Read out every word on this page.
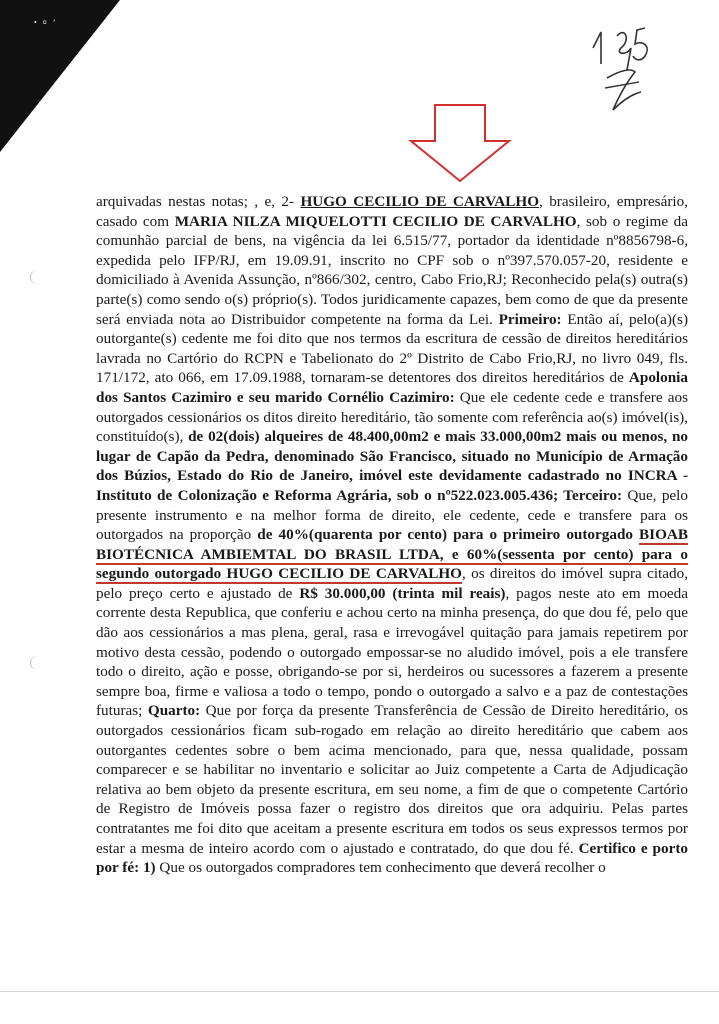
• ¤ ʼ

arquivadas nestas notas; , e, 2- HUGO CECILIO DE CARVALHO, brasileiro, empresário, casado com MARIA NILZA MIQUELOTTI CECILIO DE CARVALHO, sob o regime da comunhão parcial de bens, na vigência da lei 6.515/77, portador da identidade nº8856798-6, expedida pelo IFP/RJ, em 19.09.91, inscrito no CPF sob o nº397.570.057-20, residente e domiciliado à Avenida Assunção, nº866/302, centro, Cabo Frio,RJ; Reconhecido pela(s) outra(s) parte(s) como sendo o(s) próprio(s). Todos juridicamente capazes, bem como de que da presente será enviada nota ao Distribuidor competente na forma da Lei. Primeiro: Então aí, pelo(a)(s) outorgante(s) cedente me foi dito que nos termos da escritura de cessão de direitos hereditários lavrada no Cartório do RCPN e Tabelionato do 2º Distrito de Cabo Frio,RJ, no livro 049, fls. 171/172, ato 066, em 17.09.1988, tornaram-se detentores dos direitos hereditários de Apolonia dos Santos Cazimiro e seu marido Cornélio Cazimiro: Que ele cedente cede e transfere aos outorgados cessionários os ditos direito hereditário, tão somente com referência ao(s) imóvel(is), constituído(s), de 02(dois) alqueires de 48.400,00m2 e mais 33.000,00m2 mais ou menos, no lugar de Capão da Pedra, denominado São Francisco, situado no Município de Armação dos Búzios, Estado do Rio de Janeiro, imóvel este devidamente cadastrado no INCRA - Instituto de Colonização e Reforma Agrária, sob o nº522.023.005.436; Terceiro: Que, pelo presente instrumento e na melhor forma de direito, ele cedente, cede e transfere para os outorgados na proporção de 40%(quarenta por cento) para o primeiro outorgado BIOAB BIOTÉCNICA AMBIEMTAL DO BRASIL LTDA, e 60%(sessenta por cento) para o segundo outorgado HUGO CECILIO DE CARVALHO, os direitos do imóvel supra citado, pelo preço certo e ajustado de R$ 30.000,00 (trinta mil reais), pagos neste ato em moeda corrente desta Republica, que conferiu e achou certo na minha presença, do que dou fé, pelo que dão aos cessionários a mas plena, geral, rasa e irrevogável quitação para jamais repetirem por motivo desta cessão, podendo o outorgado empossar-se no aludido imóvel, pois a ele transfere todo o direito, ação e posse, obrigando-se por si, herdeiros ou sucessores a fazerem a presente sempre boa, firme e valiosa a todo o tempo, pondo o outorgado a salvo e a paz de contestações futuras; Quarto: Que por força da presente Transferência de Cessão de Direito hereditário, os outorgados cessionários ficam sub-rogado em relação ao direito hereditário que cabem aos outorgantes cedentes sobre o bem acima mencionado, para que, nessa qualidade, possam comparecer e se habilitar no inventario e solicitar ao Juiz competente a Carta de Adjudicação relativa ao bem objeto da presente escritura, em seu nome, a fim de que o competente Cartório de Registro de Imóveis possa fazer o registro dos direitos que ora adquiriu. Pelas partes contratantes me foi dito que aceitam a presente escritura em todos os seus expressos termos por estar a mesma de inteiro acordo com o ajustado e contratado, do que dou fé. Certifico e porto por fé: 1) Que os outorgados compradores tem conhecimento que deverá recolher o
